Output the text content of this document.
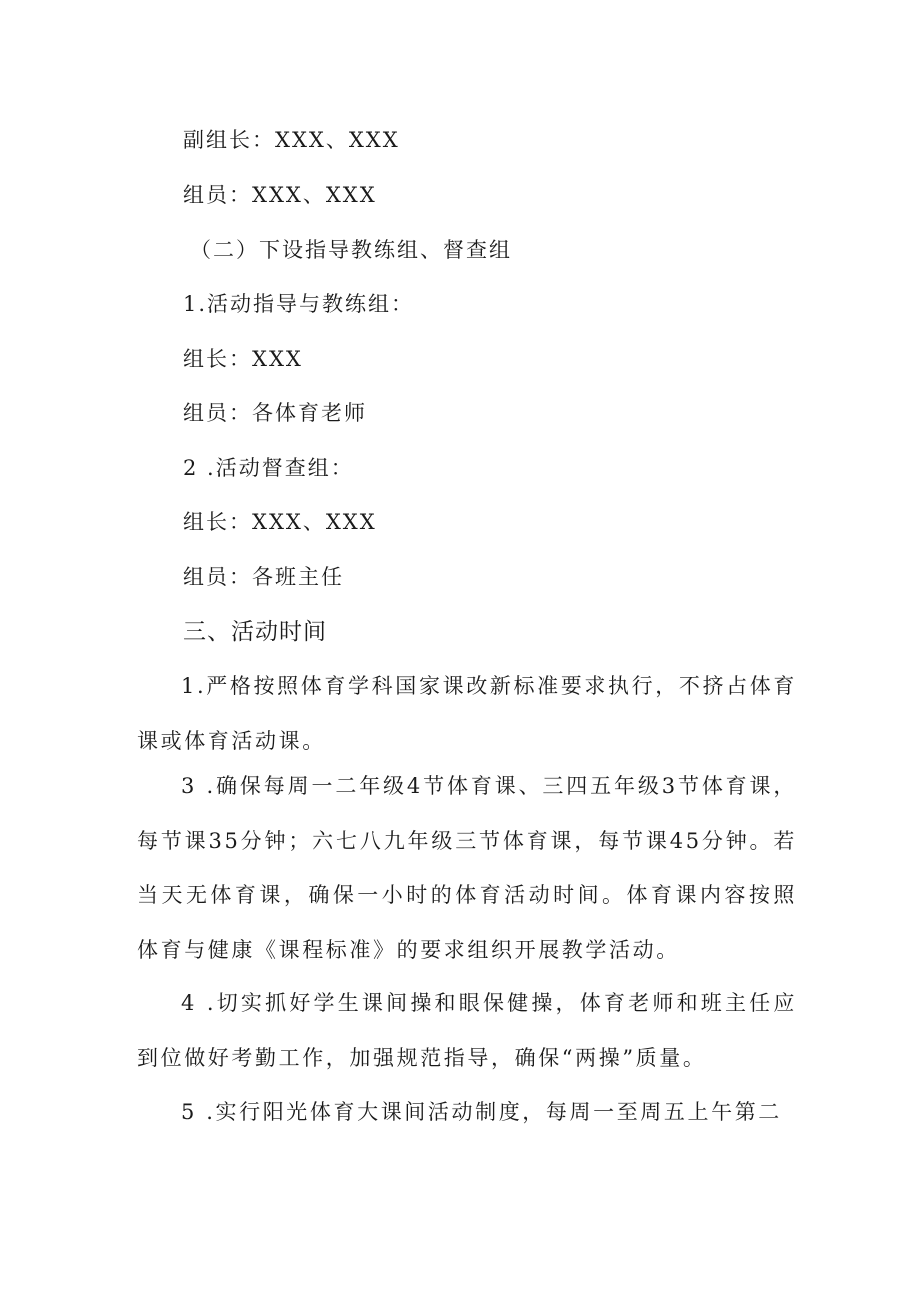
副组长：XXX、XXX
组员：XXX、XXX
（二）下设指导教练组、督查组
1.活动指导与教练组：
组长：XXX
组员：各体育老师
2 .活动督查组：
组长：XXX、XXX
组员：各班主任
三、活动时间
1.严格按照体育学科国家课改新标准要求执行，不挤占体育课或体育活动课。
3 .确保每周一二年级4节体育课、三四五年级3节体育课，每节课35分钟；六七八九年级三节体育课，每节课45分钟。若当天无体育课，确保一小时的体育活动时间。体育课内容按照体育与健康《课程标准》的要求组织开展教学活动。
4 .切实抓好学生课间操和眼保健操，体育老师和班主任应到位做好考勤工作，加强规范指导，确保“两操”质量。
5 .实行阳光体育大课间活动制度，每周一至周五上午第二
